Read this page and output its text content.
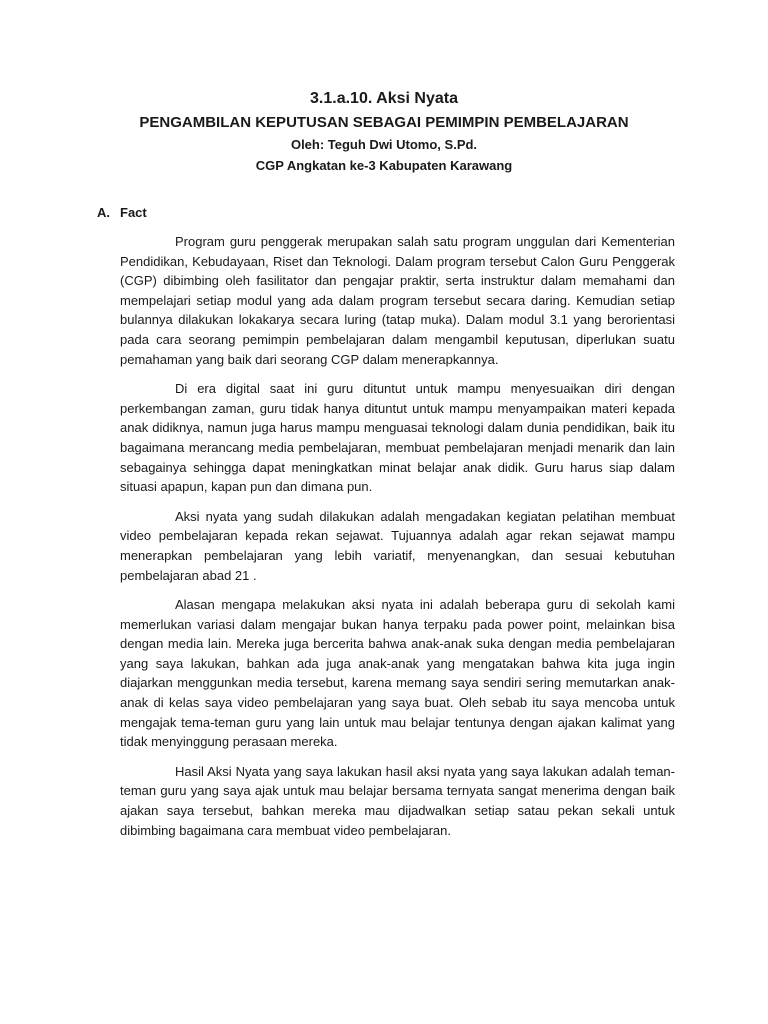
3.1.a.10. Aksi Nyata
PENGAMBILAN KEPUTUSAN SEBAGAI PEMIMPIN PEMBELAJARAN
Oleh: Teguh Dwi Utomo, S.Pd.
CGP Angkatan ke-3 Kabupaten Karawang
A. Fact

Program guru penggerak merupakan salah satu program unggulan dari Kementerian Pendidikan, Kebudayaan, Riset dan Teknologi. Dalam program tersebut Calon Guru Penggerak (CGP) dibimbing oleh fasilitator dan pengajar praktir, serta instruktur dalam memahami dan mempelajari setiap modul yang ada dalam program tersebut secara daring. Kemudian setiap bulannya dilakukan lokakarya secara luring (tatap muka). Dalam modul 3.1 yang berorientasi pada cara seorang pemimpin pembelajaran dalam mengambil keputusan, diperlukan suatu pemahaman yang baik dari seorang CGP dalam menerapkannya.

Di era digital saat ini guru dituntut untuk mampu menyesuaikan diri dengan perkembangan zaman, guru tidak hanya dituntut untuk mampu menyampaikan materi kepada anak didiknya, namun juga harus mampu menguasai teknologi dalam dunia pendidikan, baik itu bagaimana merancang media pembelajaran, membuat pembelajaran menjadi menarik dan lain sebagainya sehingga dapat meningkatkan minat belajar anak didik. Guru harus siap dalam situasi apapun, kapan pun dan dimana pun.

Aksi nyata yang sudah dilakukan adalah mengadakan kegiatan pelatihan membuat video pembelajaran kepada rekan sejawat. Tujuannya adalah agar rekan sejawat mampu menerapkan pembelajaran yang lebih variatif, menyenangkan, dan sesuai kebutuhan pembelajaran abad 21 .

Alasan mengapa melakukan aksi nyata ini adalah beberapa guru di sekolah kami memerlukan variasi dalam mengajar bukan hanya terpaku pada power point, melainkan bisa dengan media lain. Mereka juga bercerita bahwa anak-anak suka dengan media pembelajaran yang saya lakukan, bahkan ada juga anak-anak yang mengatakan bahwa kita juga ingin diajarkan menggunkan media tersebut, karena memang saya sendiri sering memutarkan anak-anak di kelas saya video pembelajaran yang saya buat. Oleh sebab itu saya mencoba untuk mengajak tema-teman guru yang lain untuk mau belajar tentunya dengan ajakan kalimat yang tidak menyinggung perasaan mereka.

Hasil Aksi Nyata yang saya lakukan hasil aksi nyata yang saya lakukan adalah teman-teman guru yang saya ajak untuk mau belajar bersama ternyata sangat menerima dengan baik ajakan saya tersebut, bahkan mereka mau dijadwalkan setiap satau pekan sekali untuk dibimbing bagaimana cara membuat video pembelajaran.
